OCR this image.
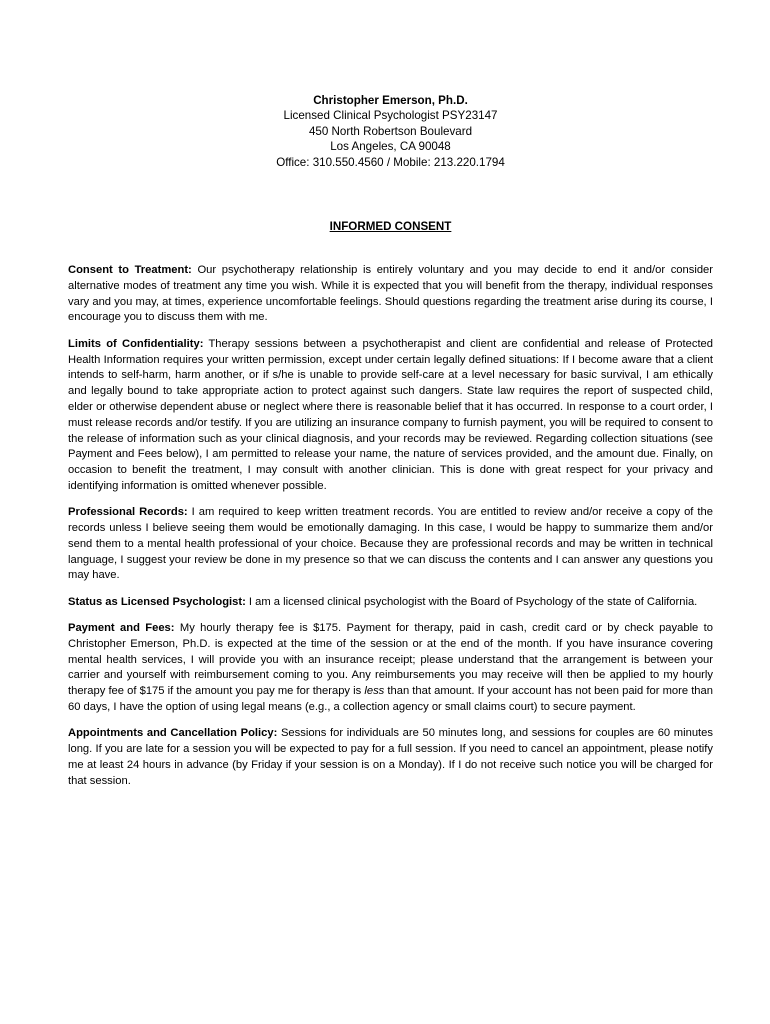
Christopher Emerson, Ph.D.
Licensed Clinical Psychologist PSY23147
450 North Robertson Boulevard
Los Angeles, CA 90048
Office: 310.550.4560 / Mobile: 213.220.1794
INFORMED CONSENT

Consent to Treatment: Our psychotherapy relationship is entirely voluntary and you may decide to end it and/or consider alternative modes of treatment any time you wish. While it is expected that you will benefit from the therapy, individual responses vary and you may, at times, experience uncomfortable feelings. Should questions regarding the treatment arise during its course, I encourage you to discuss them with me.

Limits of Confidentiality: Therapy sessions between a psychotherapist and client are confidential and release of Protected Health Information requires your written permission, except under certain legally defined situations: If I become aware that a client intends to self-harm, harm another, or if s/he is unable to provide self-care at a level necessary for basic survival, I am ethically and legally bound to take appropriate action to protect against such dangers. State law requires the report of suspected child, elder or otherwise dependent abuse or neglect where there is reasonable belief that it has occurred. In response to a court order, I must release records and/or testify. If you are utilizing an insurance company to furnish payment, you will be required to consent to the release of information such as your clinical diagnosis, and your records may be reviewed. Regarding collection situations (see Payment and Fees below), I am permitted to release your name, the nature of services provided, and the amount due. Finally, on occasion to benefit the treatment, I may consult with another clinician. This is done with great respect for your privacy and identifying information is omitted whenever possible.

Professional Records: I am required to keep written treatment records. You are entitled to review and/or receive a copy of the records unless I believe seeing them would be emotionally damaging. In this case, I would be happy to summarize them and/or send them to a mental health professional of your choice. Because they are professional records and may be written in technical language, I suggest your review be done in my presence so that we can discuss the contents and I can answer any questions you may have.

Status as Licensed Psychologist: I am a licensed clinical psychologist with the Board of Psychology of the state of California.

Payment and Fees: My hourly therapy fee is $175. Payment for therapy, paid in cash, credit card or by check payable to Christopher Emerson, Ph.D. is expected at the time of the session or at the end of the month. If you have insurance covering mental health services, I will provide you with an insurance receipt; please understand that the arrangement is between your carrier and yourself with reimbursement coming to you. Any reimbursements you may receive will then be applied to my hourly therapy fee of $175 if the amount you pay me for therapy is less than that amount. If your account has not been paid for more than 60 days, I have the option of using legal means (e.g., a collection agency or small claims court) to secure payment.

Appointments and Cancellation Policy: Sessions for individuals are 50 minutes long, and sessions for couples are 60 minutes long. If you are late for a session you will be expected to pay for a full session. If you need to cancel an appointment, please notify me at least 24 hours in advance (by Friday if your session is on a Monday). If I do not receive such notice you will be charged for that session.
